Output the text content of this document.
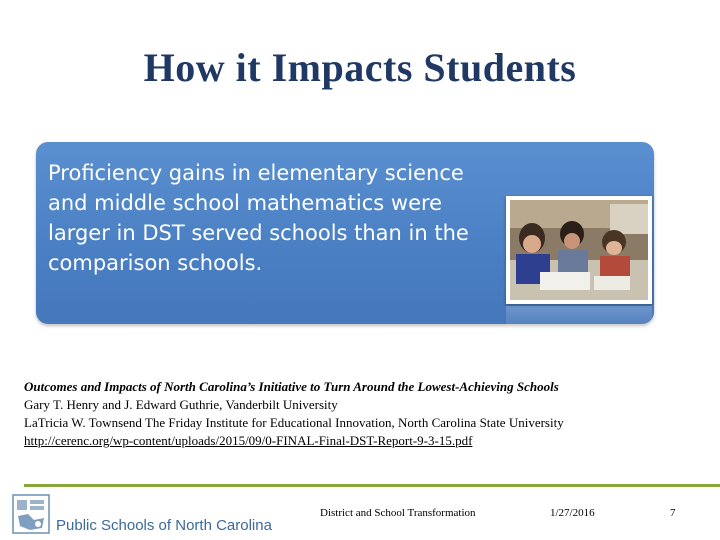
How it Impacts Students
Proficiency gains in elementary science and middle school mathematics were larger in DST served schools than in the comparison schools.
Outcomes and Impacts of North Carolina’s Initiative to Turn Around the Lowest-Achieving Schools
Gary T. Henry and J. Edward Guthrie, Vanderbilt University
LaTricia W. Townsend The Friday Institute for Educational Innovation, North Carolina State University
http://cerenc.org/wp-content/uploads/2015/09/0-FINAL-Final-DST-Report-9-3-15.pdf
Public Schools of North Carolina
District and School Transformation	1/27/2016	7
